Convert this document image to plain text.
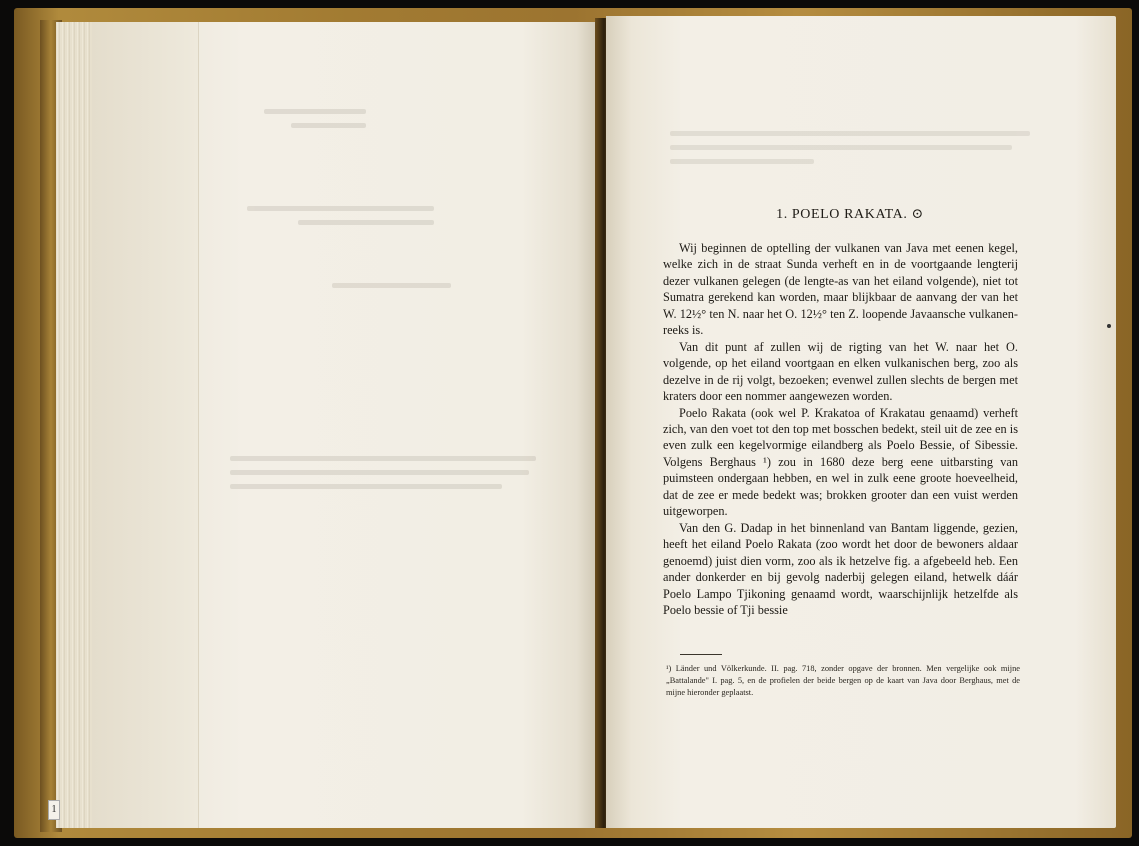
1
1. POELO RAKATA. ⊙

Wij beginnen de optelling der vulkanen van Java met eenen kegel, welke zich in de straat Sunda verheft en in de voortgaande lengterij dezer vulkanen gelegen (de lengte-as van het eiland volgende), niet tot Sumatra gerekend kan worden, maar blijkbaar de aanvang der van het W. 12½° ten N. naar het O. 12½° ten Z. loopende Javaansche vulkanen-reeks is.

Van dit punt af zullen wij de rigting van het W. naar het O. volgende, op het eiland voortgaan en elken vulkanischen berg, zoo als dezelve in de rij volgt, bezoeken; evenwel zullen slechts de bergen met kraters door een nommer aangewezen worden.

Poelo Rakata (ook wel P. Krakatoa of Krakatau genaamd) verheft zich, van den voet tot den top met bosschen bedekt, steil uit de zee en is even zulk een kegelvormige eilandberg als Poelo Bessie, of Sibessie. Volgens Berghaus ¹) zou in 1680 deze berg eene uitbarsting van puimsteen ondergaan hebben, en wel in zulk eene groote hoeveelheid, dat de zee er mede bedekt was; brokken grooter dan een vuist werden uitgeworpen.

Van den G. Dadap in het binnenland van Bantam liggende, gezien, heeft het eiland Poelo Rakata (zoo wordt het door de bewoners aldaar genoemd) juist dien vorm, zoo als ik hetzelve fig. a afgebeeld heb. Een ander donkerder en bij gevolg naderbij gelegen eiland, hetwelk dáár Poelo Lampo Tjikoning genaamd wordt, waarschijnlijk hetzelfde als Poelo bessie of Tji bessie

¹) Länder und Völkerkunde. II. pag. 718, zonder opgave der bronnen. Men vergelijke ook mijne „Battalande" I. pag. 5, en de profielen der beide bergen op de kaart van Java door Berghaus, met de mijne hieronder geplaatst.
